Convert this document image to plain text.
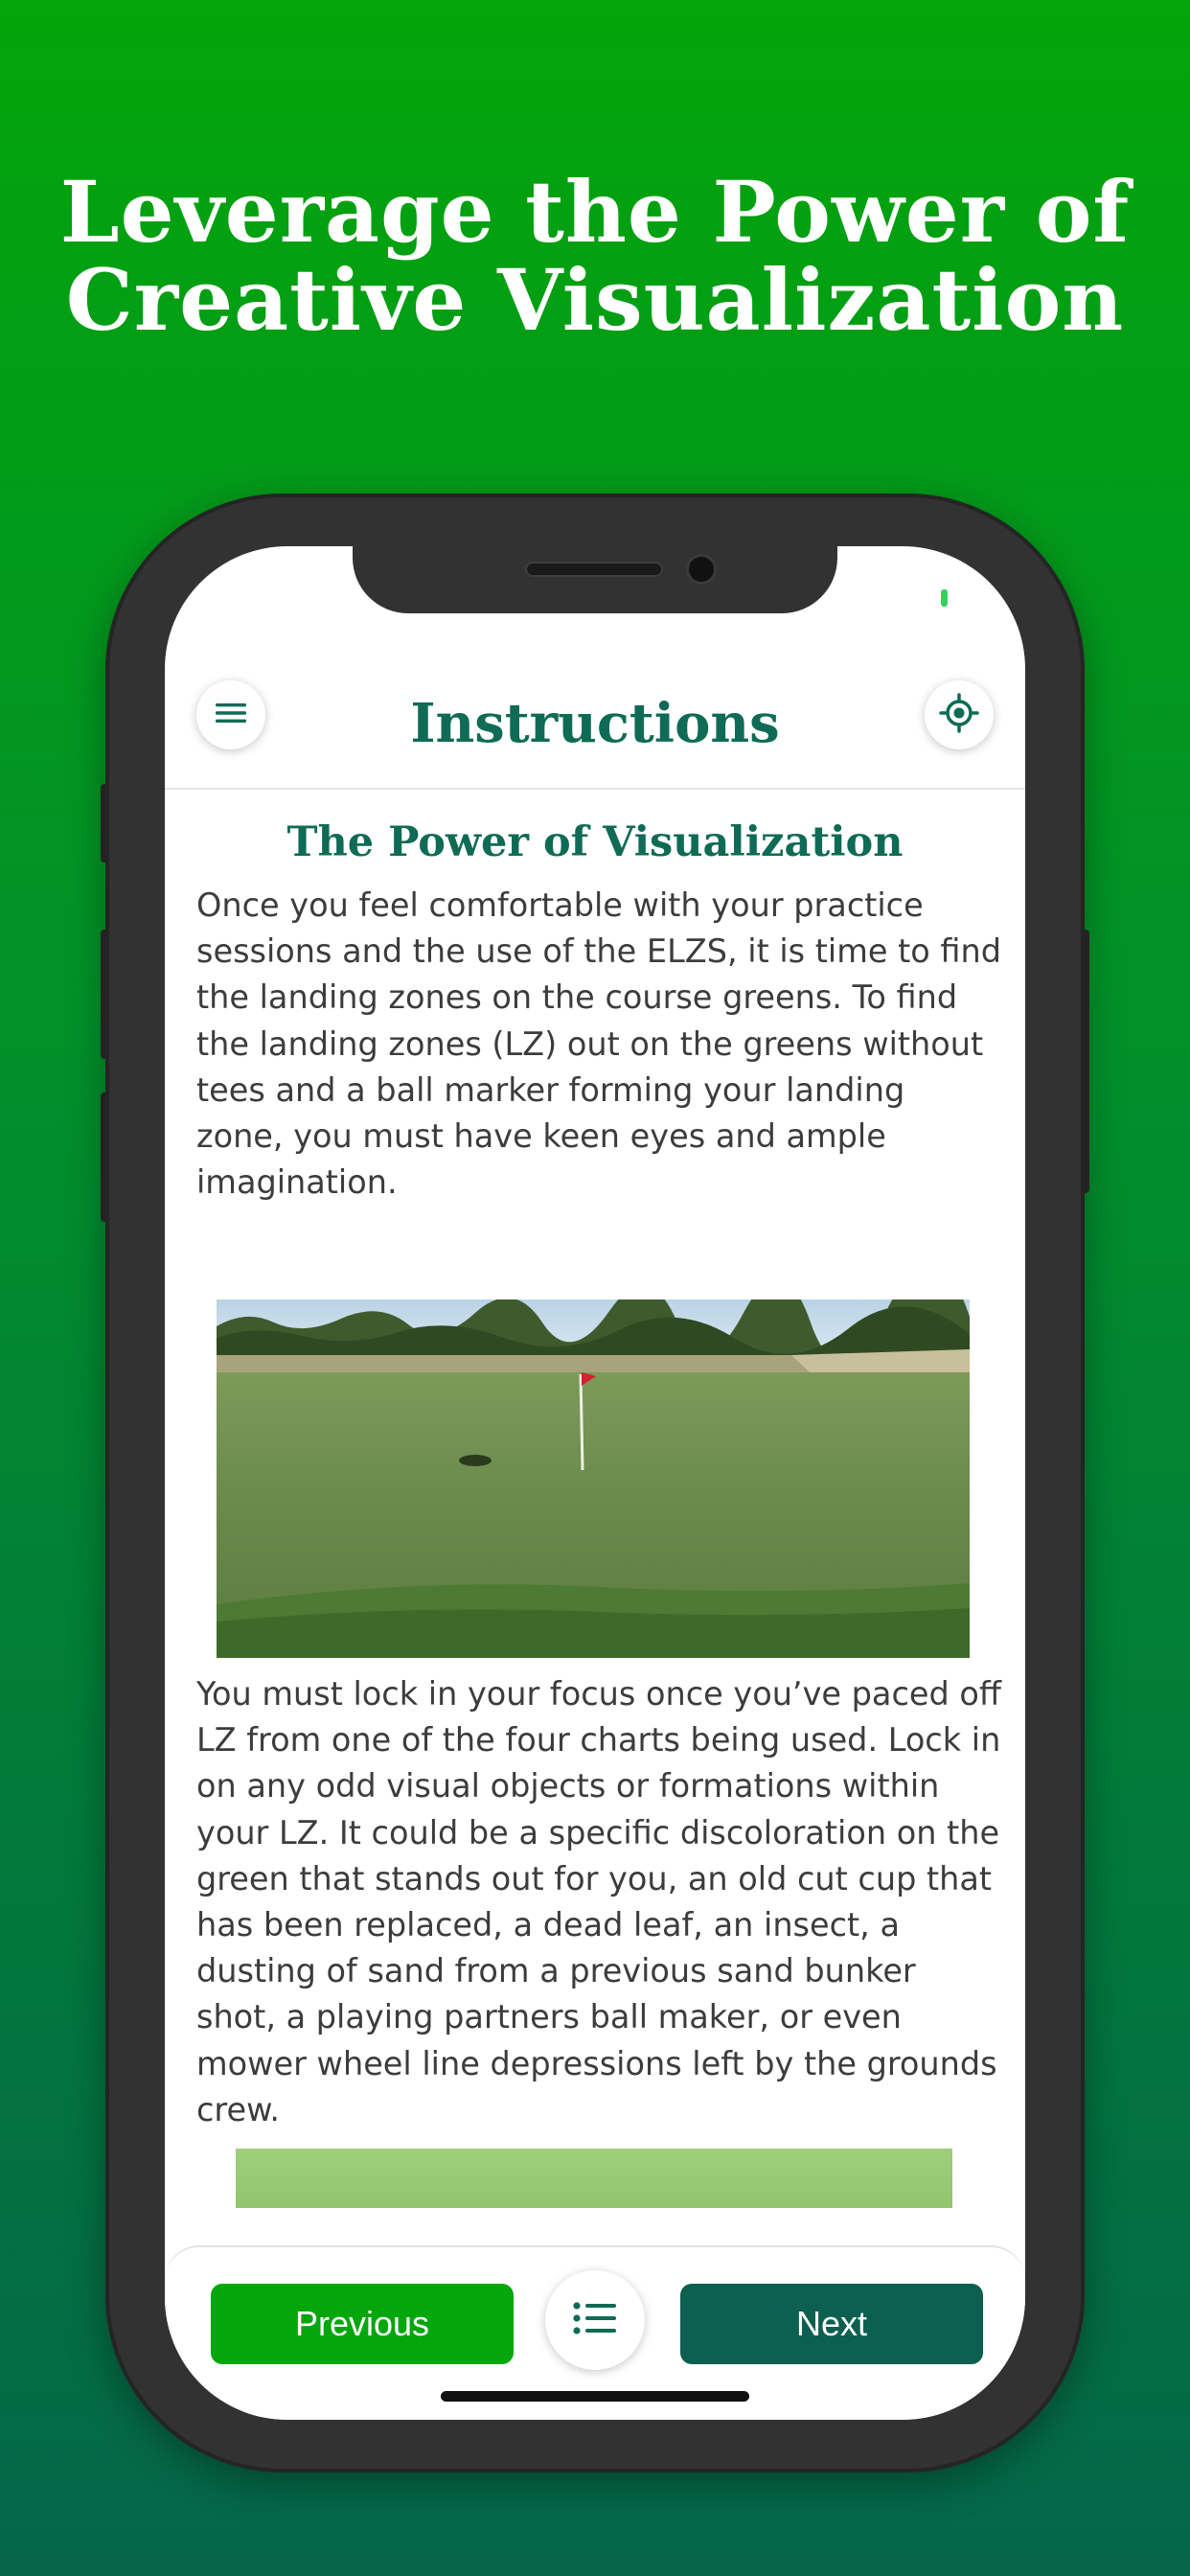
Leverage the Power of
Creative Visualization
Instructions
The Power of Visualization
Once you feel comfortable with your practice sessions and the use of the ELZS, it is time to find the landing zones on the course greens. To find the landing zones (LZ) out on the greens without tees and a ball marker forming your landing zone, you must have keen eyes and ample imagination.
You must lock in your focus once you’ve paced off LZ from one of the four charts being used. Lock in on any odd visual objects or formations within your LZ. It could be a specific discoloration on the green that stands out for you, an old cut cup that has been replaced, a dead leaf, an insect, a dusting of sand from a previous sand bunker shot, a playing partners ball maker, or even mower wheel line depressions left by the grounds crew.
Previous	Next
